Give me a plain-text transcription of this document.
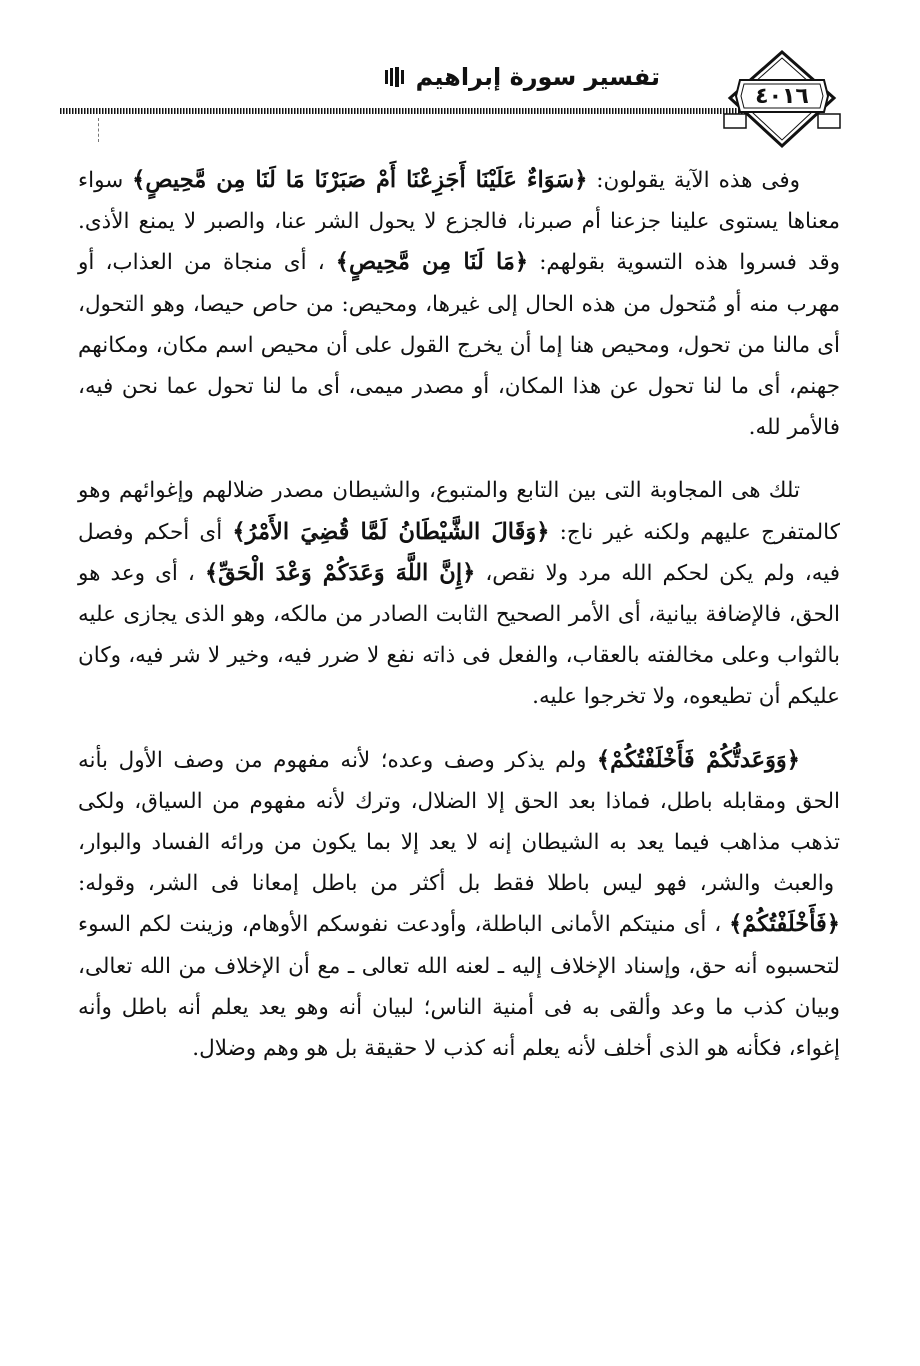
تفسير سورة إبراهيم
٤٠١٦

وفى هذه الآية يقولون: ﴿سَوَاءٌ عَلَيْنَا أَجَزِعْنَا أَمْ صَبَرْنَا مَا لَنَا مِن مَّحِيصٍ﴾ سواء معناها يستوى علينا جزعنا أم صبرنا، فالجزع لا يحول الشر عنا، والصبر لا يمنع الأذى. وقد فسروا هذه التسوية بقولهم: ﴿مَا لَنَا مِن مَّحِيصٍ﴾ ، أى منجاة من العذاب، أو مهرب منه أو مُتحول من هذه الحال إلى غيرها، ومحيص: من حاص حيصا، وهو التحول، أى مالنا من تحول، ومحيص هنا إما أن يخرج القول على أن محيص اسم مكان، ومكانهم جهنم، أى ما لنا تحول عن هذا المكان، أو مصدر ميمى، أى ما لنا تحول عما نحن فيه، فالأمر لله.

تلك هى المجاوبة التى بين التابع والمتبوع، والشيطان مصدر ضلالهم وإغوائهم وهو كالمتفرج عليهم ولكنه غير ناج: ﴿وَقَالَ الشَّيْطَانُ لَمَّا قُضِيَ الأَمْرُ﴾ أى أحكم وفصل فيه، ولم يكن لحكم الله مرد ولا نقص، ﴿إِنَّ اللَّهَ وَعَدَكُمْ وَعْدَ الْحَقِّ﴾ ، أى وعد هو الحق، فالإضافة بيانية، أى الأمر الصحيح الثابت الصادر من مالكه، وهو الذى يجازى عليه بالثواب وعلى مخالفته بالعقاب، والفعل فى ذاته نفع لا ضرر فيه، وخير لا شر فيه، وكان عليكم أن تطيعوه، ولا تخرجوا عليه.

﴿وَوَعَدتُّكُمْ فَأَخْلَفْتُكُمْ﴾ ولم يذكر وصف وعده؛ لأنه مفهوم من وصف الأول بأنه الحق ومقابله باطل، فماذا بعد الحق إلا الضلال، وترك لأنه مفهوم من السياق، ولكى تذهب مذاهب فيما يعد به الشيطان إنه لا يعد إلا بما يكون من ورائه الفساد والبوار، والعبث والشر، فهو ليس باطلا فقط بل أكثر من باطل إمعانا فى الشر، وقوله: ﴿فَأَخْلَفْتُكُمْ﴾ ، أى منيتكم الأمانى الباطلة، وأودعت نفوسكم الأوهام، وزينت لكم السوء لتحسبوه أنه حق، وإسناد الإخلاف إليه ـ لعنه الله تعالى ـ مع أن الإخلاف من الله تعالى، وبيان كذب ما وعد وألقى به فى أمنية الناس؛ لبيان أنه وهو يعد يعلم أنه باطل وأنه إغواء، فكأنه هو الذى أخلف لأنه يعلم أنه كذب لا حقيقة بل هو وهم وضلال.
